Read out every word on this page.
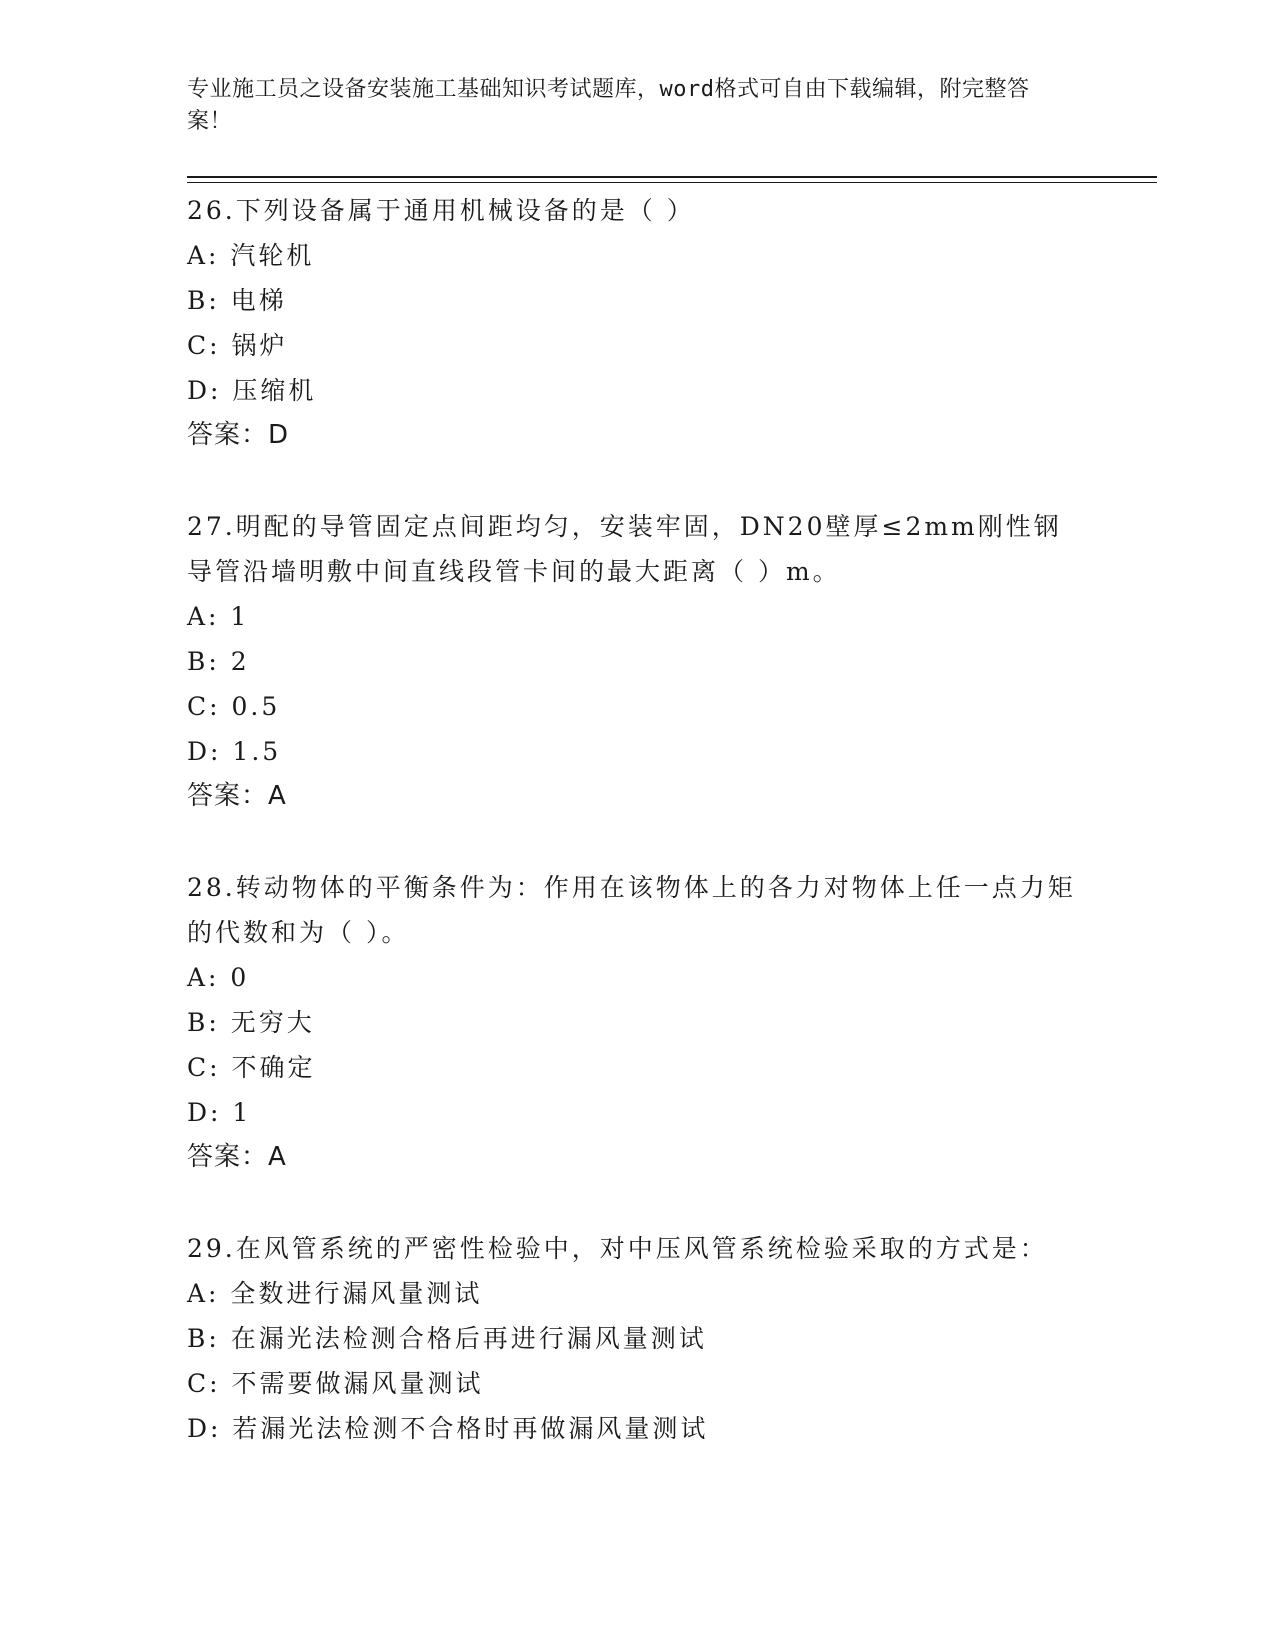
专业施工员之设备安装施工基础知识考试题库，word格式可自由下载编辑，附完整答案！

26.下列设备属于通用机械设备的是（ ）

A: 汽轮机

B: 电梯

C: 锅炉

D: 压缩机

答案：D

27.明配的导管固定点间距均匀，安装牢固，DN20壁厚≤2mm刚性钢导管沿墙明敷中间直线段管卡间的最大距离（ ）m。

A: 1

B: 2

C: 0.5

D: 1.5

答案：A

28.转动物体的平衡条件为：作用在该物体上的各力对物体上任一点力矩的代数和为（ ）。

A: 0

B: 无穷大

C: 不确定

D: 1

答案：A

29.在风管系统的严密性检验中，对中压风管系统检验采取的方式是：

A: 全数进行漏风量测试

B: 在漏光法检测合格后再进行漏风量测试

C: 不需要做漏风量测试

D: 若漏光法检测不合格时再做漏风量测试
